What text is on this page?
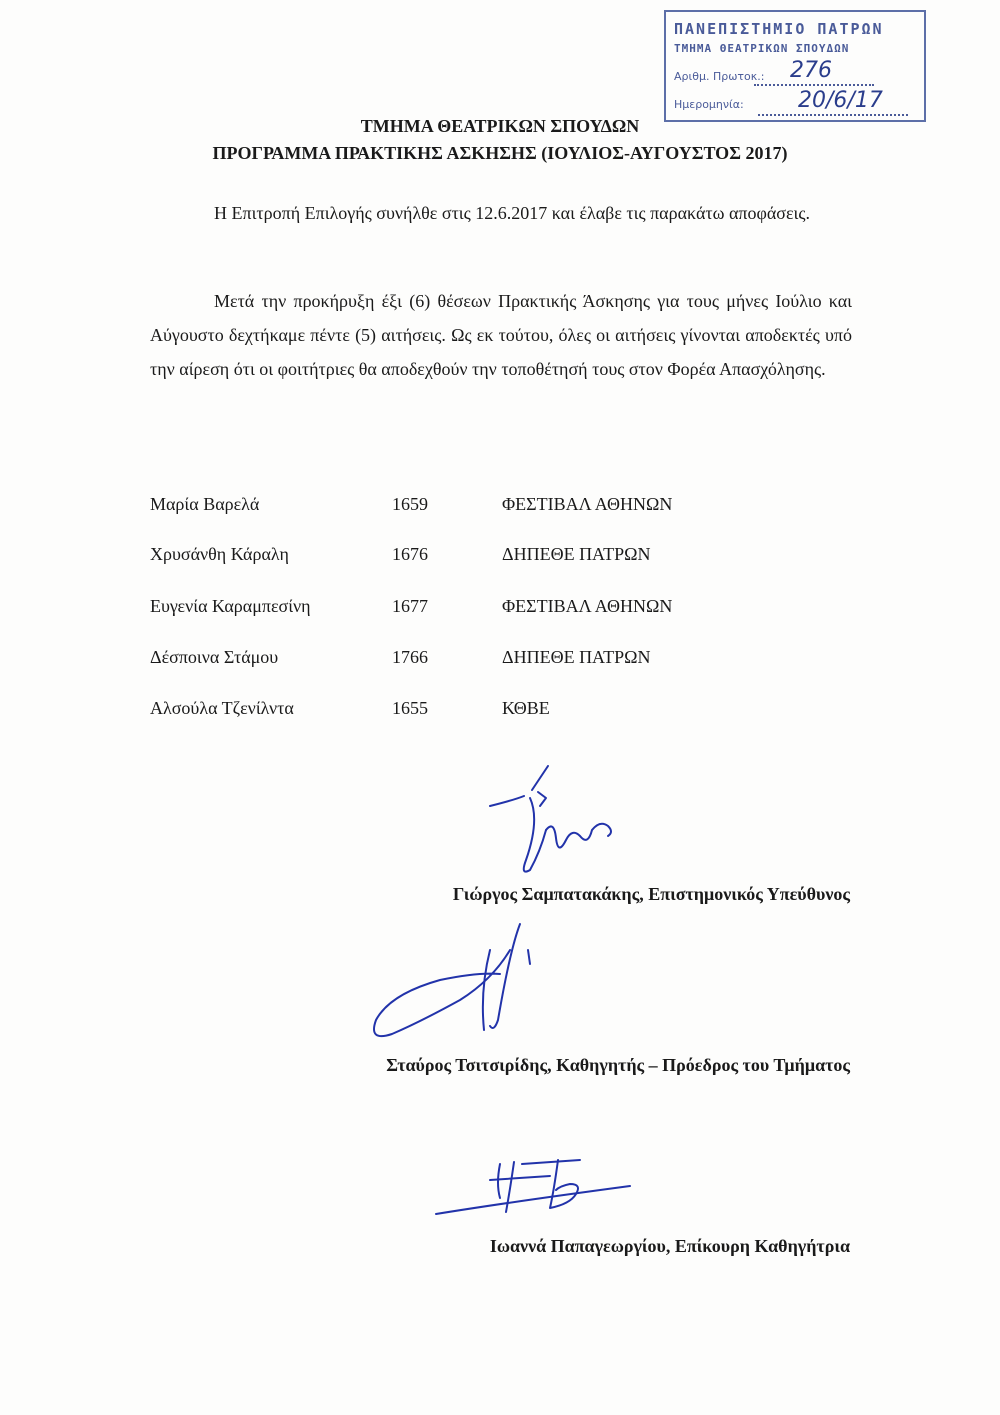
ΠΑΝΕΠΙΣΤΗΜΙΟ ΠΑΤΡΩΝ
ΤΜΗΜΑ ΘΕΑΤΡΙΚΩΝ ΣΠΟΥΔΩΝ
Αριθμ. Πρωτοκ.: 276
Ημερομηνία: 20/6/17
ΤΜΗΜΑ ΘΕΑΤΡΙΚΩΝ ΣΠΟΥΔΩΝ
ΠΡΟΓΡΑΜΜΑ ΠΡΑΚΤΙΚΗΣ ΑΣΚΗΣΗΣ (ΙΟΥΛΙΟΣ-ΑΥΓΟΥΣΤΟΣ 2017)

Η Επιτροπή Επιλογής συνήλθε στις 12.6.2017 και έλαβε τις παρακάτω αποφάσεις.

Μετά την προκήρυξη έξι (6) θέσεων Πρακτικής Άσκησης για τους μήνες Ιούλιο και Αύγουστο δεχτήκαμε πέντε (5) αιτήσεις. Ως εκ τούτου, όλες οι αιτήσεις γίνονται αποδεκτές υπό την αίρεση ότι οι φοιτήτριες θα αποδεχθούν την τοποθέτησή τους στον Φορέα Απασχόλησης.

Μαρία Βαρελά	1659	ΦΕΣΤΙΒΑΛ ΑΘΗΝΩΝ
Χρυσάνθη Κάραλη	1676	ΔΗΠΕΘΕ ΠΑΤΡΩΝ
Ευγενία Καραμπεσίνη	1677	ΦΕΣΤΙΒΑΛ ΑΘΗΝΩΝ
Δέσποινα Στάμου	1766	ΔΗΠΕΘΕ ΠΑΤΡΩΝ
Αλσούλα Τζενίλντα	1655	ΚΘΒΕ
Γιώργος Σαμπατακάκης, Επιστημονικός Υπεύθυνος
Σταύρος Τσιτσιρίδης, Καθηγητής – Πρόεδρος του Τμήματος
Ιωαννά Παπαγεωργίου, Επίκουρη Καθηγήτρια
